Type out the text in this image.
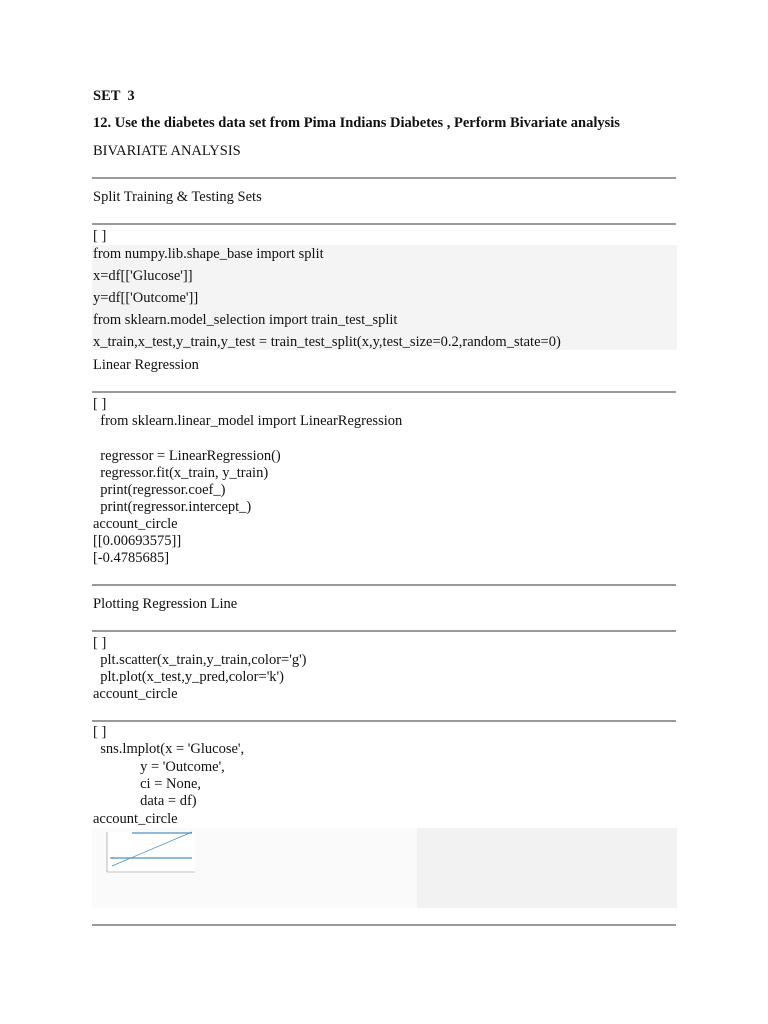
SET  3
12. Use the diabetes data set from Pima Indians Diabetes , Perform Bivariate analysis
BIVARIATE ANALYSIS
Split Training & Testing Sets
[ ]
from numpy.lib.shape_base import split
x=df[['Glucose']]
y=df[['Outcome']]
from sklearn.model_selection import train_test_split
x_train,x_test,y_train,y_test = train_test_split(x,y,test_size=0.2,random_state=0)
Linear Regression
[ ]
from sklearn.linear_model import LinearRegression
regressor = LinearRegression()
regressor.fit(x_train, y_train)
print(regressor.coef_)
print(regressor.intercept_)
account_circle
[[0.00693575]]
[-0.4785685]
Plotting Regression Line
[ ]
plt.scatter(x_train,y_train,color='g')
plt.plot(x_test,y_pred,color='k')
account_circle
[ ]
sns.lmplot(x = 'Glucose',
y = 'Outcome',
ci = None,
data = df)
account_circle
